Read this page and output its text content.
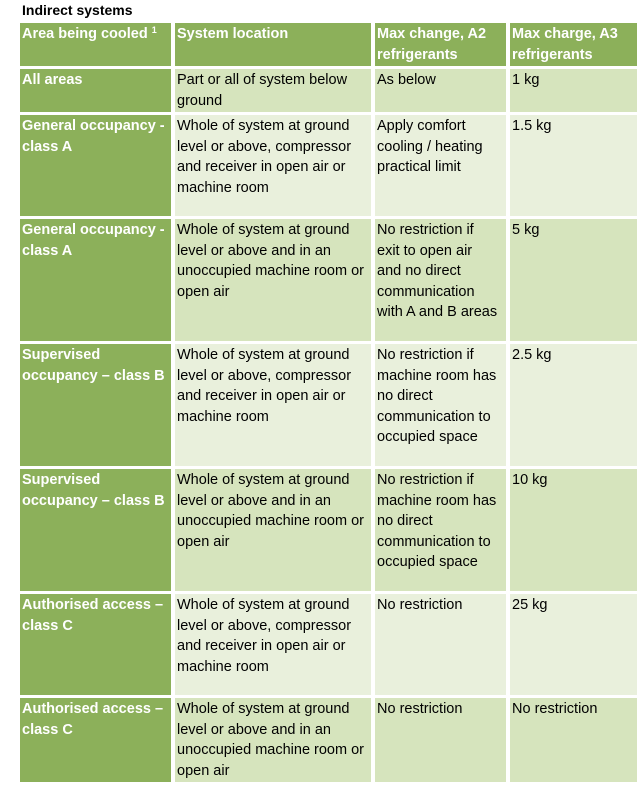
Indirect systems
Area being cooled $^1$	System location	Max change, A2 refrigerants	Max charge, A3 refrigerants
All areas	Part or all of system below ground	As below	1 kg
General occupancy - class A	Whole of system at ground level or above, compressor and receiver in open air or machine room	Apply comfort cooling / heating practical limit	1.5 kg
General occupancy - class A	Whole of system at ground level or above and in an unoccupied machine room or open air	No restriction if exit to open air and no direct communication with A and B areas	5 kg
Supervised occupancy – class B	Whole of system at ground level or above, compressor and receiver in open air or machine room	No restriction if machine room has no direct communication to occupied space	2.5 kg
Supervised occupancy – class B	Whole of system at ground level or above and in an unoccupied machine room or open air	No restriction if machine room has no direct communication to occupied space	10 kg
Authorised access – class C	Whole of system at ground level or above, compressor and receiver in open air or machine room	No restriction	25 kg
Authorised access – class C	Whole of system at ground level or above and in an unoccupied machine room or open air	No restriction	No restriction
